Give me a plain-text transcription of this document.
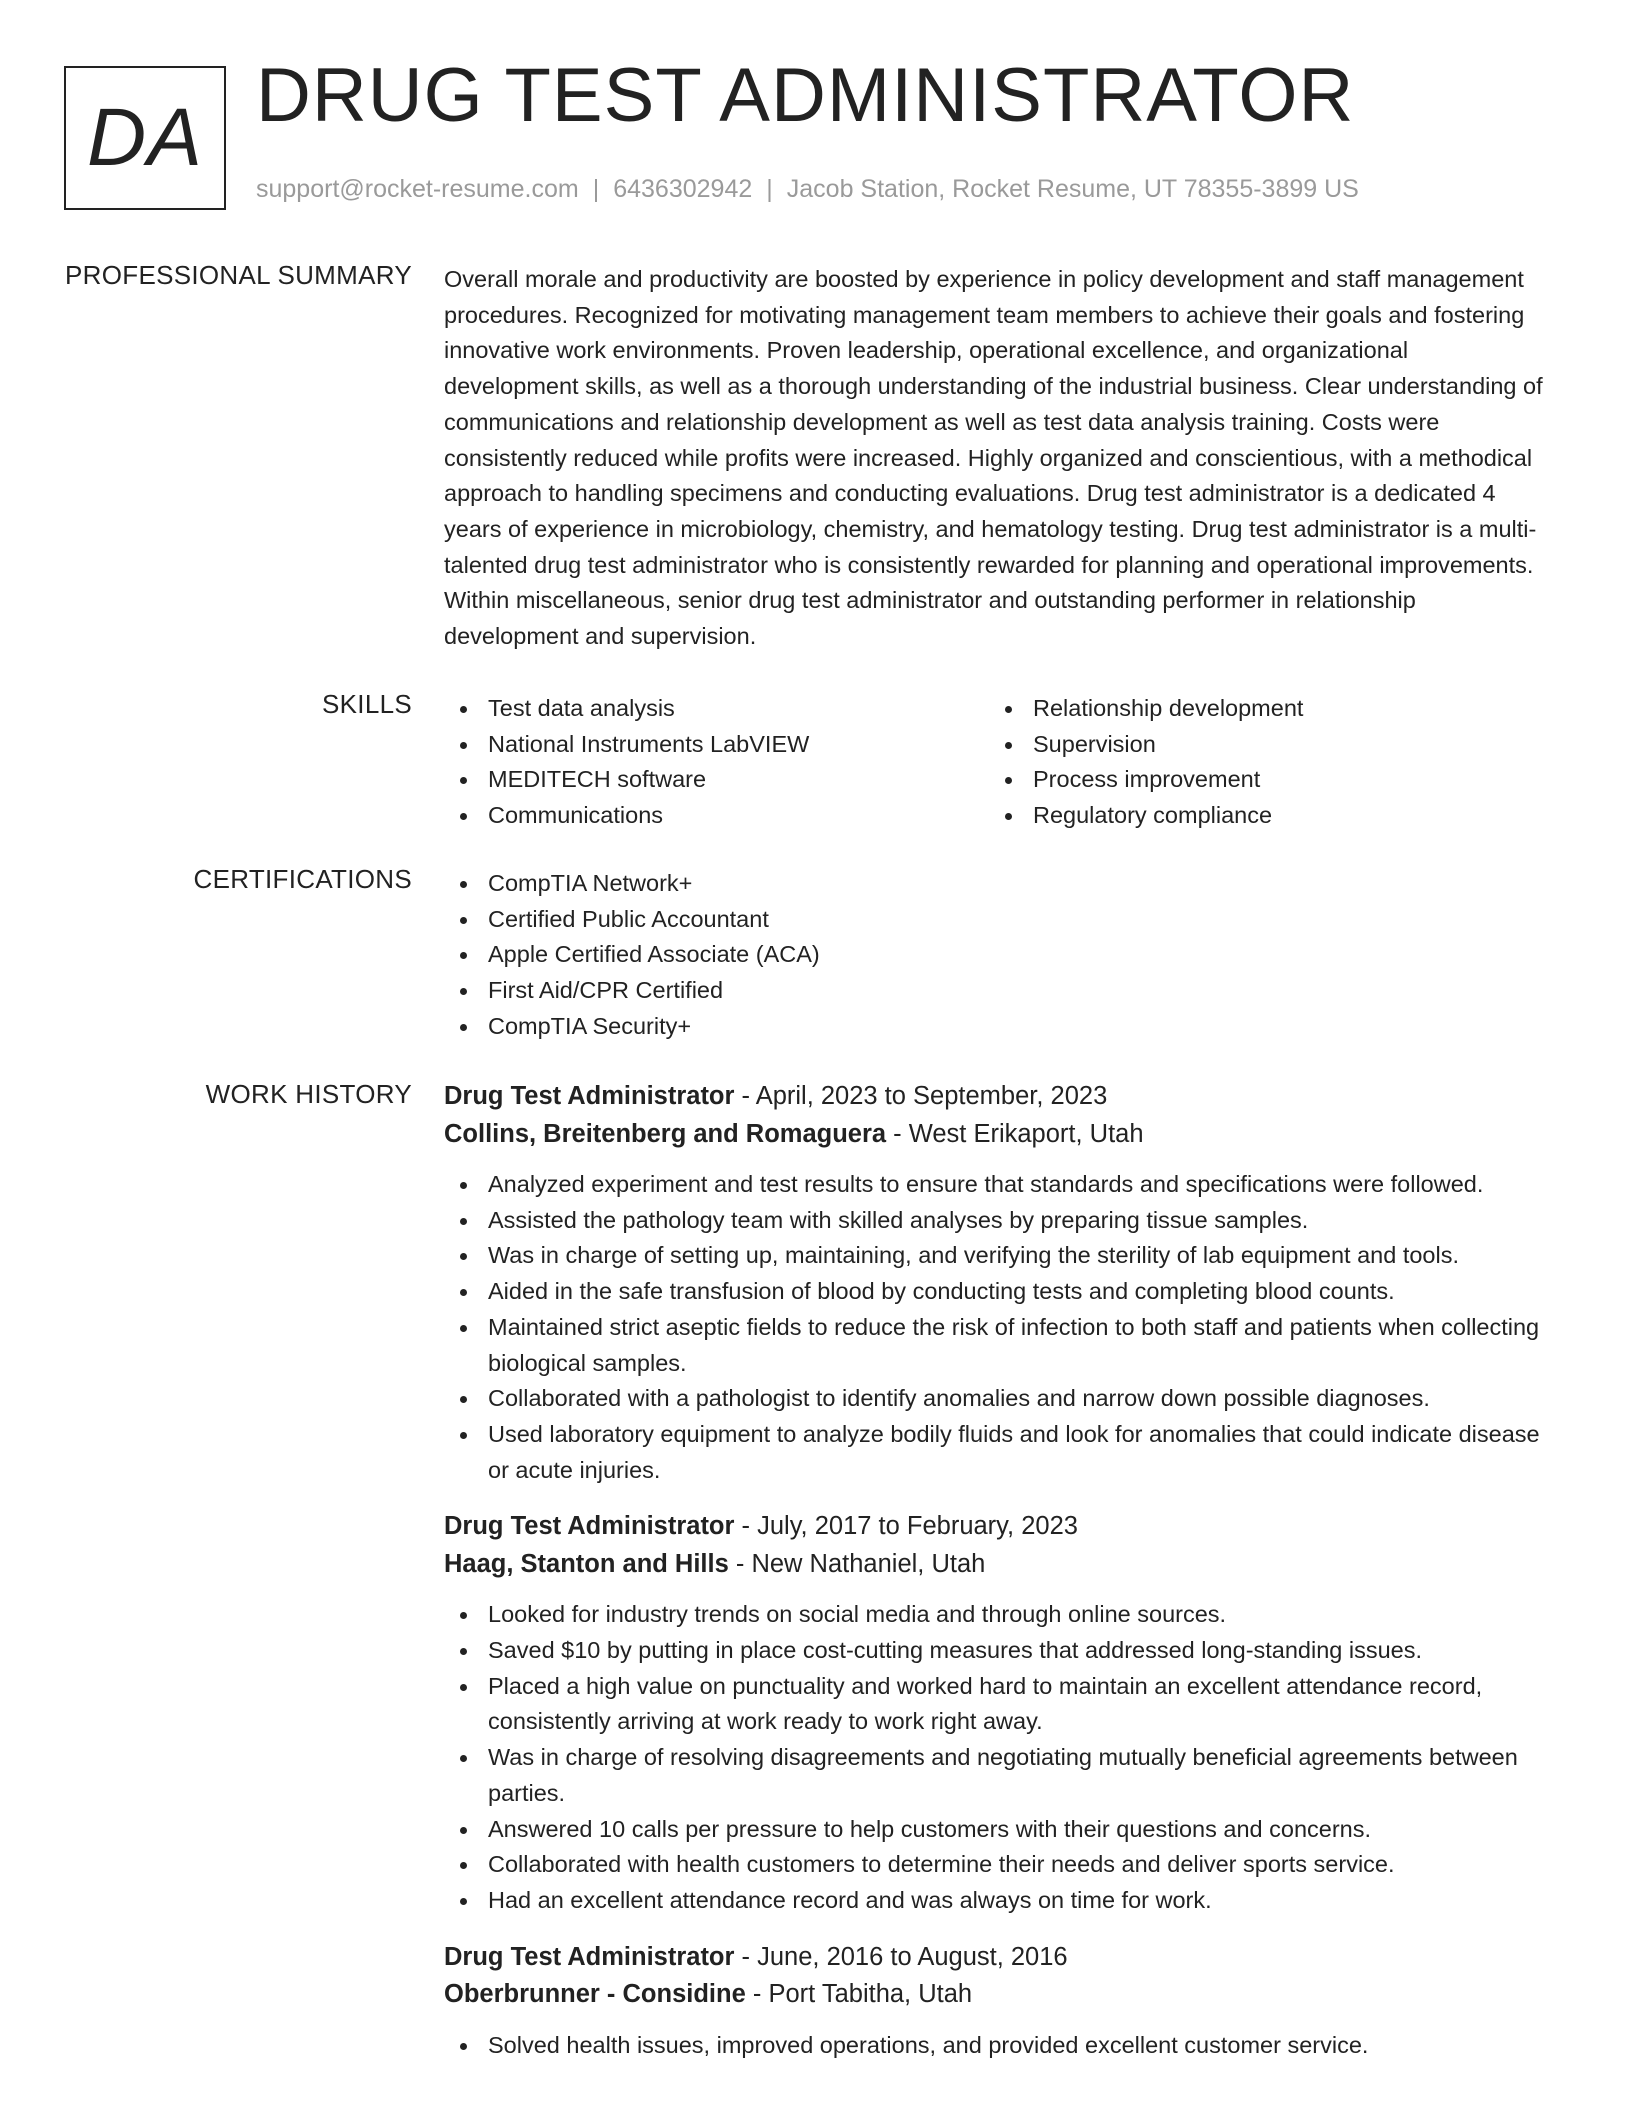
DA DRUG TEST ADMINISTRATOR
support@rocket-resume.com | 6436302942 | Jacob Station, Rocket Resume, UT 78355-3899 US
PROFESSIONAL SUMMARY Overall morale and productivity are boosted by experience in policy development and staff management procedures. Recognized for motivating management team members to achieve their goals and fostering innovative work environments. Proven leadership, operational excellence, and organizational development skills, as well as a thorough understanding of the industrial business. Clear understanding of communications and relationship development as well as test data analysis training. Costs were consistently reduced while profits were increased. Highly organized and conscientious, with a methodical approach to handling specimens and conducting evaluations. Drug test administrator is a dedicated 4 years of experience in microbiology, chemistry, and hematology testing. Drug test administrator is a multi-talented drug test administrator who is consistently rewarded for planning and operational improvements. Within miscellaneous, senior drug test administrator and outstanding performer in relationship development and supervision.

SKILLS	Test data analysis
National Instruments LabVIEW
MEDITECH software
Communications
Relationship development
Supervision
Process improvement
Regulatory compliance
CERTIFICATIONS	CompTIA Network+
Certified Public Accountant
Apple Certified Associate (ACA)
First Aid/CPR Certified
CompTIA Security+
WORK HISTORY Drug Test Administrator - April, 2023 to September, 2023
Collins, Breitenberg and Romaguera - West Erikaport, Utah
Analyzed experiment and test results to ensure that standards and specifications were followed.
Assisted the pathology team with skilled analyses by preparing tissue samples.
Was in charge of setting up, maintaining, and verifying the sterility of lab equipment and tools.
Aided in the safe transfusion of blood by conducting tests and completing blood counts.
Maintained strict aseptic fields to reduce the risk of infection to both staff and patients when collecting biological samples.
Collaborated with a pathologist to identify anomalies and narrow down possible diagnoses.
Used laboratory equipment to analyze bodily fluids and look for anomalies that could indicate disease or acute injuries.
Drug Test Administrator - July, 2017 to February, 2023
Haag, Stanton and Hills - New Nathaniel, Utah
Looked for industry trends on social media and through online sources.
Saved $10 by putting in place cost-cutting measures that addressed long-standing issues.
Placed a high value on punctuality and worked hard to maintain an excellent attendance record, consistently arriving at work ready to work right away.
Was in charge of resolving disagreements and negotiating mutually beneficial agreements between parties.
Answered 10 calls per pressure to help customers with their questions and concerns.
Collaborated with health customers to determine their needs and deliver sports service.
Had an excellent attendance record and was always on time for work.
Drug Test Administrator - June, 2016 to August, 2016
Oberbrunner - Considine - Port Tabitha, Utah
Solved health issues, improved operations, and provided excellent customer service.
